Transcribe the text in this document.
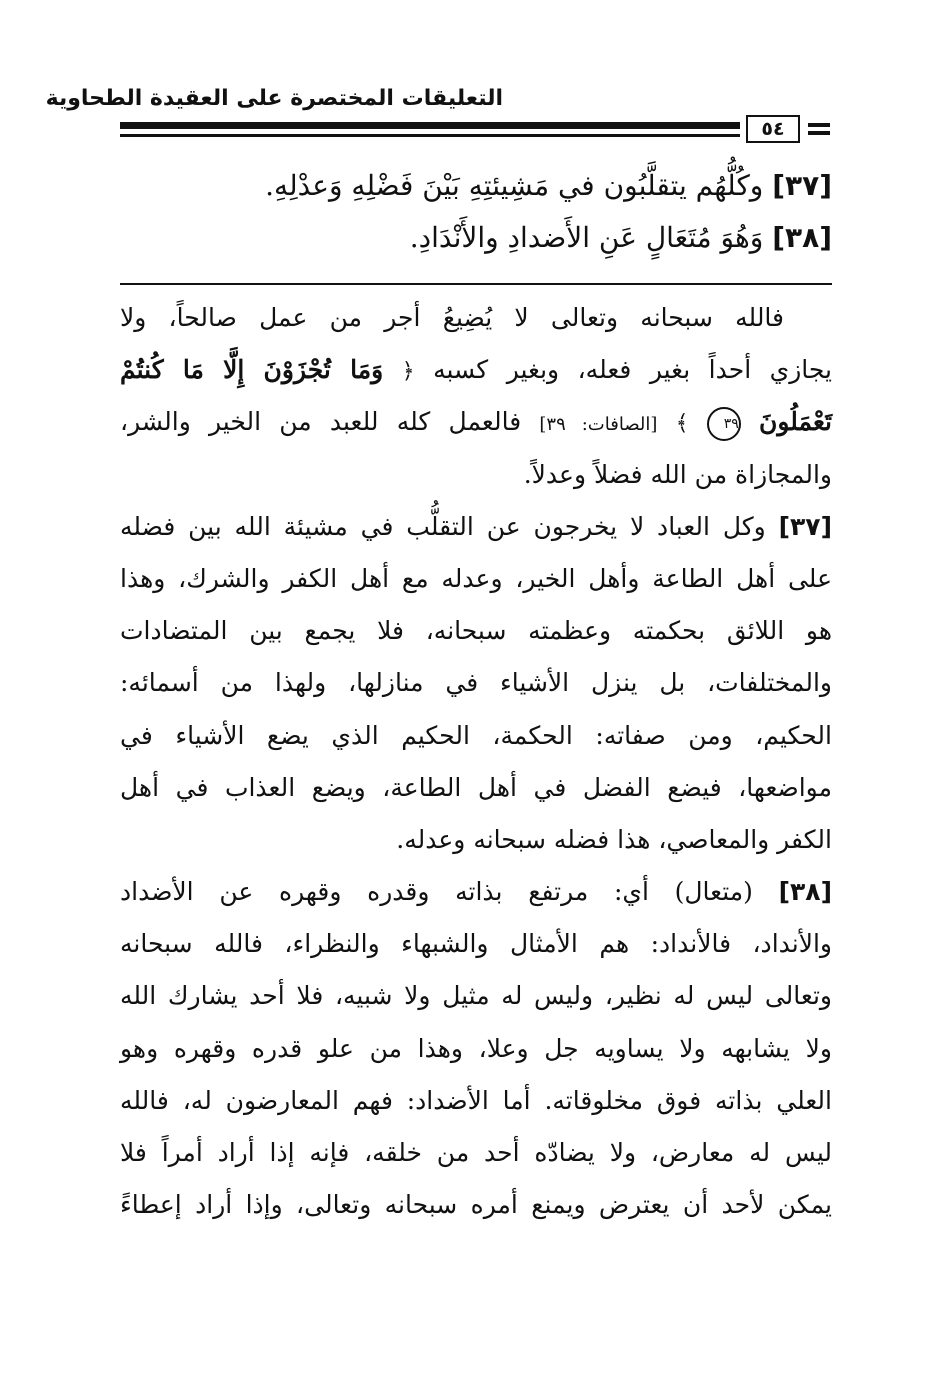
التعليقات المختصرة على العقيدة الطحاوية
٥٤
[٣٧] وكُلُّهُم يتقلَّبُون في مَشِيئتِهِ بَيْنَ فَضْلِهِ وَعدْلِهِ.
[٣٨] وَهُوَ مُتَعَالٍ عَنِ الأَضدادِ والأَنْدَادِ.
فالله سبحانه وتعالى لا يُضِيعُ أجر من عمل صالحاً، ولا
يجازي أحداً بغير فعله، وبغير كسبه ﴿ وَمَا تُجْزَوْنَ إِلَّا مَا كُنتُمْ
تَعْمَلُونَ ٣٩ ﴾ [الصافات: ٣٩] فالعمل كله للعبد من الخير والشر،
والمجازاة من الله فضلاً وعدلاً.
[٣٧] وكل العباد لا يخرجون عن التقلُّب في مشيئة الله بين فضله
على أهل الطاعة وأهل الخير، وعدله مع أهل الكفر والشرك، وهذا
هو اللائق بحكمته وعظمته سبحانه، فلا يجمع بين المتضادات
والمختلفات، بل ينزل الأشياء في منازلها، ولهذا من أسمائه:
الحكيم، ومن صفاته: الحكمة، الحكيم الذي يضع الأشياء في
مواضعها، فيضع الفضل في أهل الطاعة، ويضع العذاب في أهل
الكفر والمعاصي، هذا فضله سبحانه وعدله.
[٣٨] (متعال) أي: مرتفع بذاته وقدره وقهره عن الأضداد
والأنداد، فالأنداد: هم الأمثال والشبهاء والنظراء، فالله سبحانه
وتعالى ليس له نظير، وليس له مثيل ولا شبيه، فلا أحد يشارك الله
ولا يشابهه ولا يساويه جل وعلا، وهذا من علو قدره وقهره وهو
العلي بذاته فوق مخلوقاته. أما الأضداد: فهم المعارضون له، فالله
ليس له معارض، ولا يضادّه أحد من خلقه، فإنه إذا أراد أمراً فلا
يمكن لأحد أن يعترض ويمنع أمره سبحانه وتعالى، وإذا أراد إعطاءً
